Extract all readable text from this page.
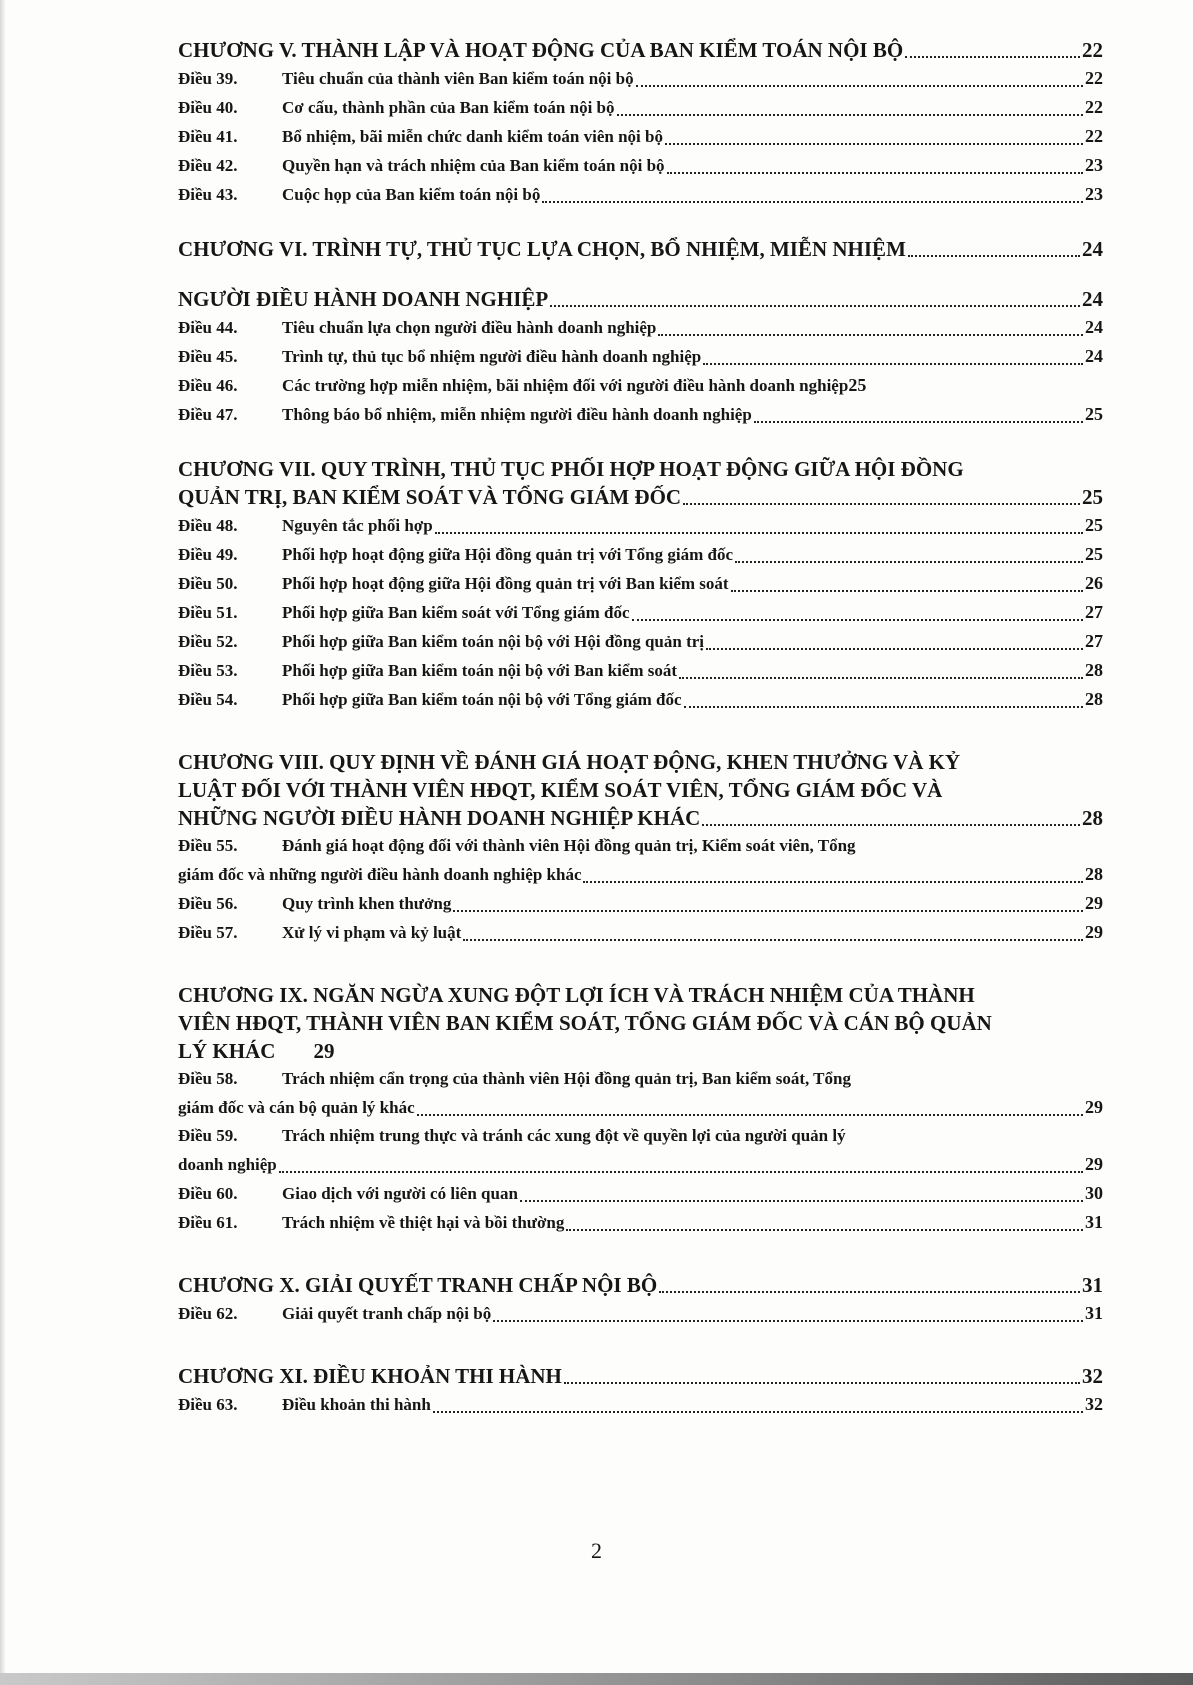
CHƯƠNG V. THÀNH LẬP VÀ HOẠT ĐỘNG CỦA BAN KIỂM TOÁN NỘI BỘ	22
Điều 39.	Tiêu chuẩn của thành viên Ban kiểm toán nội bộ	22
Điều 40.	Cơ cấu, thành phần của Ban kiểm toán nội bộ	22
Điều 41.	Bổ nhiệm, bãi miễn chức danh kiểm toán viên nội bộ	22
Điều 42.	Quyền hạn và trách nhiệm của Ban kiểm toán nội bộ	23
Điều 43.	Cuộc họp của Ban kiểm toán nội bộ	23
CHƯƠNG VI. TRÌNH TỰ, THỦ TỤC LỰA CHỌN, BỔ NHIỆM, MIỄN NHIỆM	24
NGƯỜI ĐIỀU HÀNH DOANH NGHIỆP	24
Điều 44.	Tiêu chuẩn lựa chọn người điều hành doanh nghiệp	24
Điều 45.	Trình tự, thủ tục bổ nhiệm người điều hành doanh nghiệp	24
Điều 46.	Các trường hợp miễn nhiệm, bãi nhiệm đối với người điều hành doanh nghiệp 25
Điều 47.	Thông báo bổ nhiệm, miễn nhiệm người điều hành doanh nghiệp	25
CHƯƠNG VII. QUY TRÌNH, THỦ TỤC PHỐI HỢP HOẠT ĐỘNG GIỮA HỘI ĐỒNG
QUẢN TRỊ, BAN KIỂM SOÁT VÀ TỔNG GIÁM ĐỐC	25
Điều 48.	Nguyên tắc phối hợp	25
Điều 49.	Phối hợp hoạt động giữa Hội đồng quản trị với Tổng giám đốc	25
Điều 50.	Phối hợp hoạt động giữa Hội đồng quản trị với Ban kiểm soát	26
Điều 51.	Phối hợp giữa Ban kiểm soát với Tổng giám đốc	27
Điều 52.	Phối hợp giữa Ban kiểm toán nội bộ với Hội đồng quản trị	27
Điều 53.	Phối hợp giữa Ban kiểm toán nội bộ với Ban kiểm soát	28
Điều 54.	Phối hợp giữa Ban kiểm toán nội bộ với Tổng giám đốc	28
CHƯƠNG VIII. QUY ĐỊNH VỀ ĐÁNH GIÁ HOẠT ĐỘNG, KHEN THƯỞNG VÀ KỶ
LUẬT ĐỐI VỚI THÀNH VIÊN HĐQT, KIỂM SOÁT VIÊN, TỔNG GIÁM ĐỐC VÀ
NHỮNG NGƯỜI ĐIỀU HÀNH DOANH NGHIỆP KHÁC	28
Điều 55.	Đánh giá hoạt động đối với thành viên Hội đồng quản trị, Kiểm soát viên, Tổng
giám đốc và những người điều hành doanh nghiệp khác	28
Điều 56.	Quy trình khen thưởng	29
Điều 57.	Xử lý vi phạm và kỷ luật	29
CHƯƠNG IX. NGĂN NGỪA XUNG ĐỘT LỢI ÍCH VÀ TRÁCH NHIỆM CỦA THÀNH
VIÊN HĐQT, THÀNH VIÊN BAN KIỂM SOÁT, TỔNG GIÁM ĐỐC VÀ CÁN BỘ QUẢN
LÝ KHÁC 29
Điều 58.	Trách nhiệm cẩn trọng của thành viên Hội đồng quản trị, Ban kiểm soát, Tổng
giám đốc và cán bộ quản lý khác	29
Điều 59.	Trách nhiệm trung thực và tránh các xung đột về quyền lợi của người quản lý
doanh nghiệp	29
Điều 60.	Giao dịch với người có liên quan	30
Điều 61.	Trách nhiệm về thiệt hại và bồi thường	31
CHƯƠNG X. GIẢI QUYẾT TRANH CHẤP NỘI BỘ	31
Điều 62.	Giải quyết tranh chấp nội bộ	31
CHƯƠNG XI. ĐIỀU KHOẢN THI HÀNH	32
Điều 63.	Điều khoản thi hành	32
2
